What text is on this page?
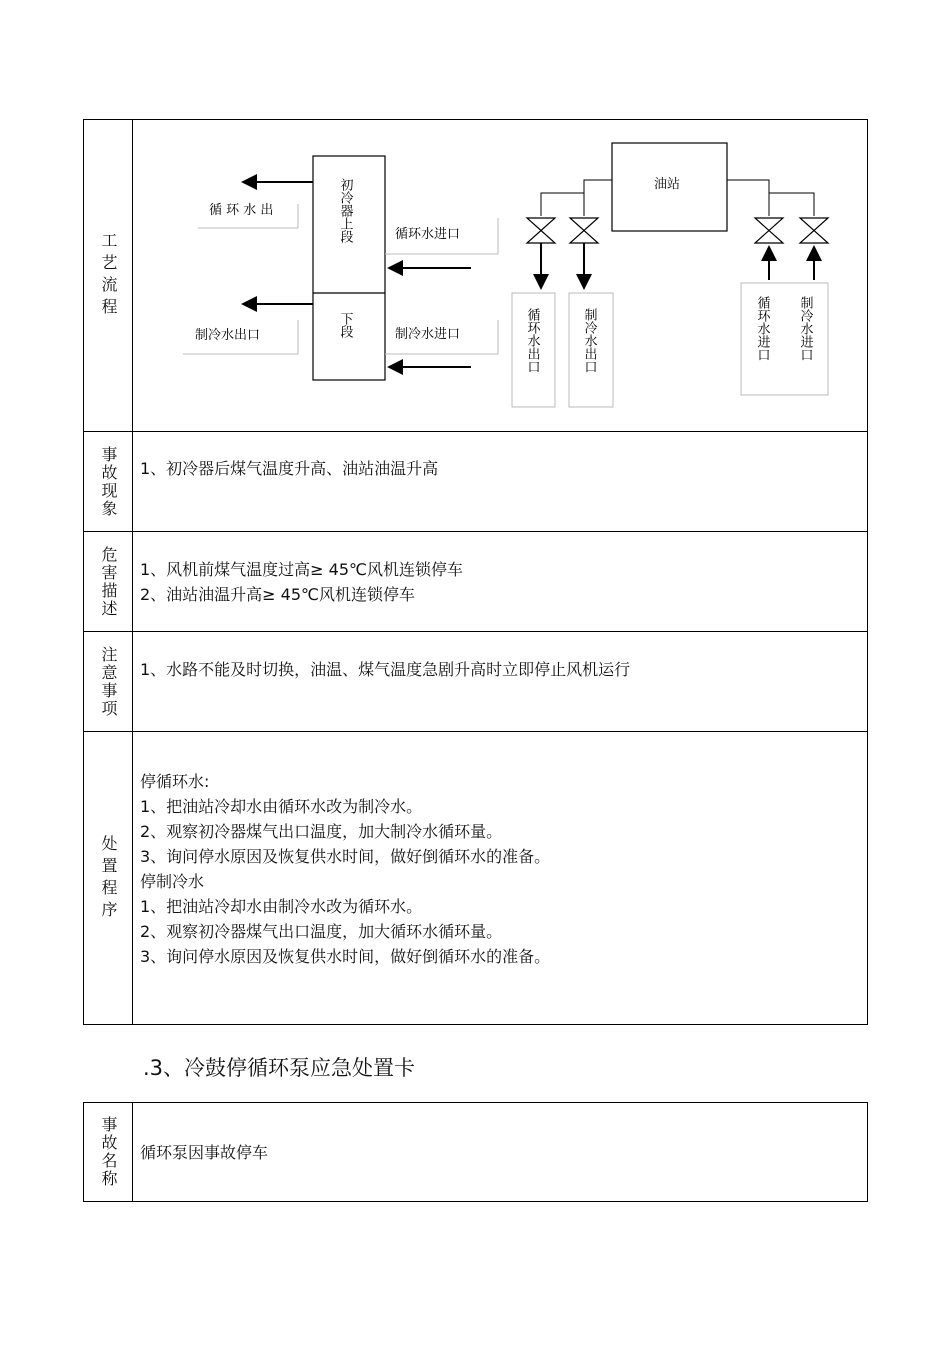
工艺流程
初冷器上段
下段
循 环 水 出
制冷水出口
循环水进口
制冷水进口
油站
循环水出口	制冷水出口	循环水进口 制冷水进口
事故现象 1、初冷器后煤气温度升高、油站油温升高
危害描述 1、风机前煤气温度过高≥ 45℃风机连锁停车
2、油站油温升高≥ 45℃风机连锁停车
注意事项 1、水路不能及时切换，油温、煤气温度急剧升高时立即停止风机运行
处置程序
停循环水:
1、把油站冷却水由循环水改为制冷水。
2、观察初冷器煤气出口温度，加大制冷水循环量。
3、询问停水原因及恢复供水时间，做好倒循环水的准备。
停制冷水
1、把油站冷却水由制冷水改为循环水。
2、观察初冷器煤气出口温度，加大循环水循环量。
3、询问停水原因及恢复供水时间，做好倒循环水的准备。
.3、冷鼓停循环泵应急处置卡
事故名称 循环泵因事故停车
